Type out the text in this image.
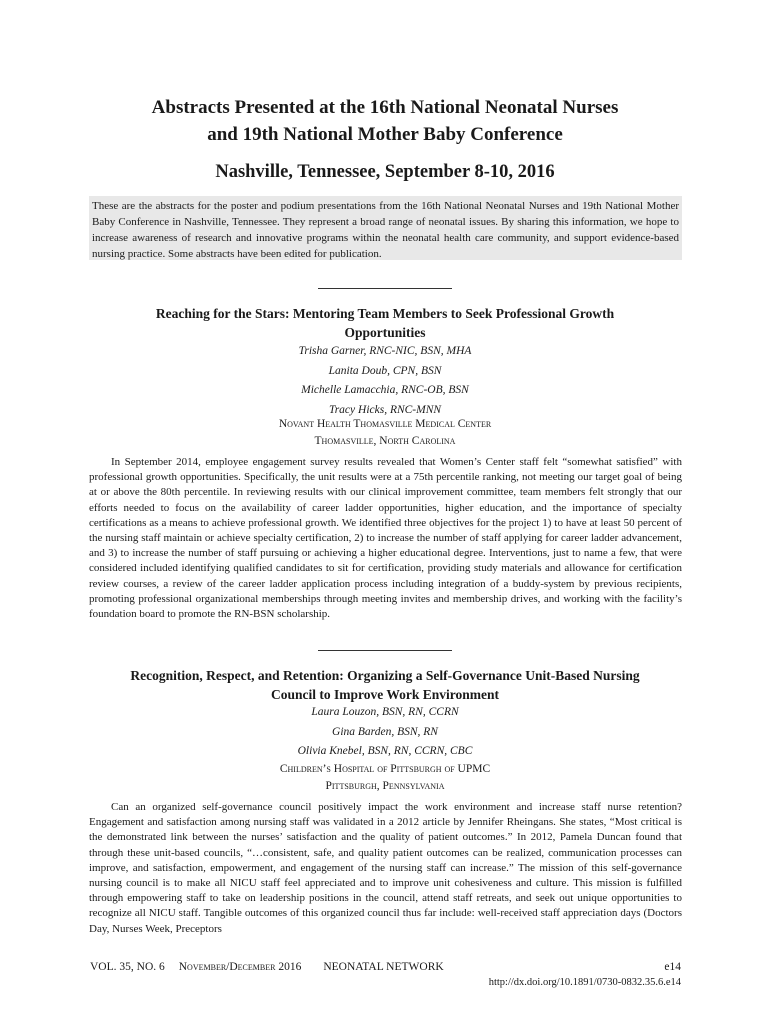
Abstracts Presented at the 16th National Neonatal Nurses
and 19th National Mother Baby Conference
Nashville, Tennessee, September 8-10, 2016

These are the abstracts for the poster and podium presentations from the 16th National Neonatal Nurses and 19th National Mother Baby Conference in Nashville, Tennessee. They represent a broad range of neonatal issues. By sharing this information, we hope to increase awareness of research and innovative programs within the neonatal health care community, and support evidence-based nursing practice. Some abstracts have been edited for publication.

Reaching for the Stars: Mentoring Team Members to Seek Professional Growth
Opportunities
Trisha Garner, RNC-NIC, BSN, MHA
Lanita Doub, CPN, BSN
Michelle Lamacchia, RNC-OB, BSN
Tracy Hicks, RNC-MNN
Novant Health Thomasville Medical Center
Thomasville, North Carolina

In September 2014, employee engagement survey results revealed that Women’s Center staff felt “somewhat satisfied” with professional growth opportunities. Specifically, the unit results were at a 75th percentile ranking, not meeting our target goal of being at or above the 80th percentile. In reviewing results with our clinical improvement committee, team members felt strongly that our efforts needed to focus on the availability of career ladder opportunities, higher education, and the importance of specialty certifications as a means to achieve professional growth. We identified three objectives for the project 1) to have at least 50 percent of the nursing staff maintain or achieve specialty certification, 2) to increase the number of staff applying for career ladder advancement, and 3) to increase the number of staff pursuing or achieving a higher educational degree. Interventions, just to name a few, that were considered included identifying qualified candidates to sit for certification, providing study materials and allowance for certification review courses, a review of the career ladder application process including integration of a buddy-system by previous recipients, promoting professional organizational memberships through meeting invites and membership drives, and working with the facility’s foundation board to promote the RN-BSN scholarship.

Recognition, Respect, and Retention: Organizing a Self-Governance Unit-Based Nursing
Council to Improve Work Environment
Laura Louzon, BSN, RN, CCRN
Gina Barden, BSN, RN
Olivia Knebel, BSN, RN, CCRN, CBC
Children’s Hospital of Pittsburgh of UPMC
Pittsburgh, Pennsylvania

Can an organized self-governance council positively impact the work environment and increase staff nurse retention? Engagement and satisfaction among nursing staff was validated in a 2012 article by Jennifer Rheingans. She states, “Most critical is the demonstrated link between the nurses’ satisfaction and the quality of patient outcomes.” In 2012, Pamela Duncan found that through these unit-based councils, “…consistent, safe, and quality patient outcomes can be realized, communication processes can improve, and satisfaction, empowerment, and engagement of the nursing staff can increase.” The mission of this self-governance nursing council is to make all NICU staff feel appreciated and to improve unit cohesiveness and culture. This mission is fulfilled through empowering staff to take on leadership positions in the council, attend staff retreats, and seek out unique opportunities to recognize all NICU staff. Tangible outcomes of this organized council thus far include: well-received staff appreciation days (Doctors Day, Nurses Week, Preceptors

VOL. 35, NO. 6 November/December 2016 NEONATAL NETWORK	e14
http://dx.doi.org/10.1891/0730-0832.35.6.e14
